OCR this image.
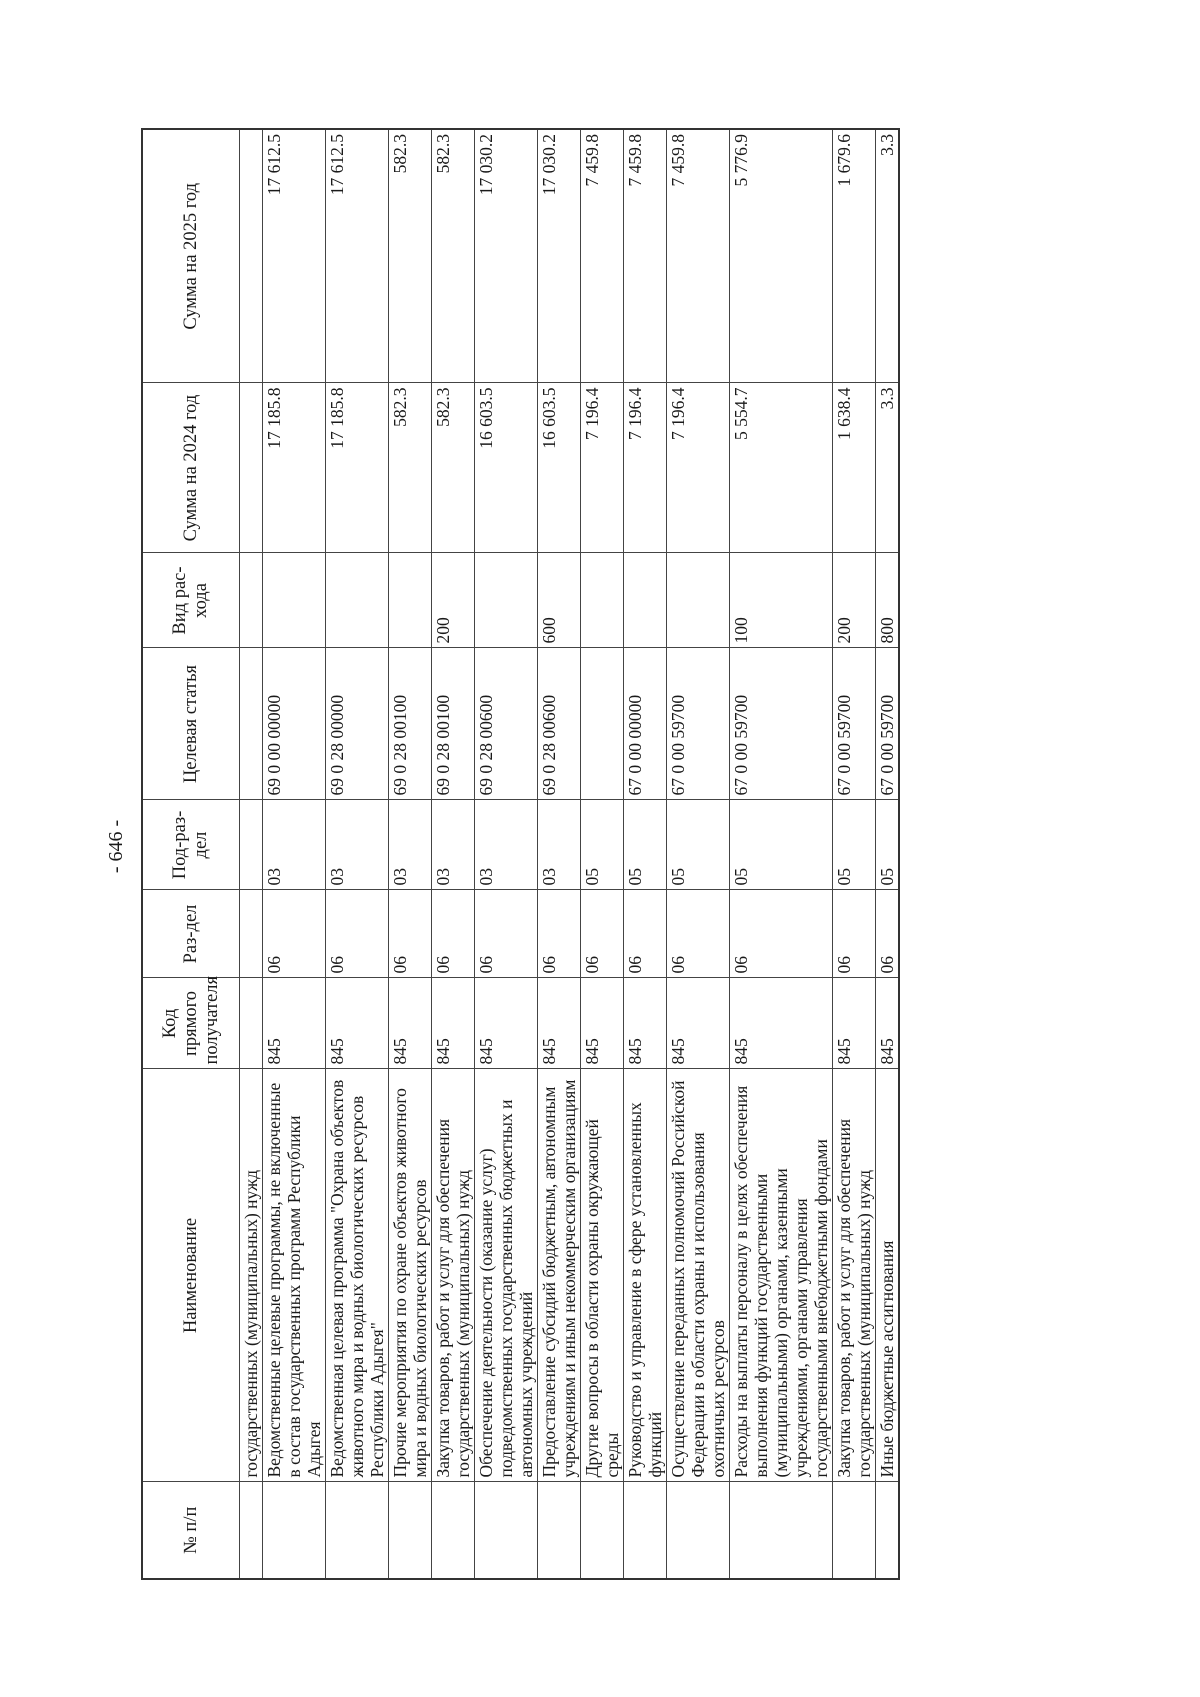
- 646 -
№ п/п	Наименование	Код прямого получателя	Раз-дел	Под-раз-дел	Целевая статья	Вид рас-хода	Сумма на 2024 год	Сумма на 2025 год
	государственных (муниципальных) нужд							
	Ведомственные целевые программы, не включенные в состав государственных программ Республики Адыгея	845	06	03	69 0 00 00000		17 185.8	17 612.5
	Ведомственная целевая программа "Охрана объектов животного мира и водных биологических ресурсов Республики Адыгея"	845	06	03	69 0 28 00000		17 185.8	17 612.5
	Прочие мероприятия по охране объектов животного мира и водных биологических ресурсов	845	06	03	69 0 28 00100		582.3	582.3
	Закупка товаров, работ и услуг для обеспечения государственных (муниципальных) нужд	845	06	03	69 0 28 00100	200	582.3	582.3
	Обеспечение деятельности (оказание услуг) подведомственных государственных бюджетных и автономных учреждений	845	06	03	69 0 28 00600		16 603.5	17 030.2
	Предоставление субсидий бюджетным, автономным учреждениям и иным некоммерческим организациям	845	06	03	69 0 28 00600	600	16 603.5	17 030.2
	Другие вопросы в области охраны окружающей среды	845	06	05			7 196.4	7 459.8
	Руководство и управление в сфере установленных функций	845	06	05	67 0 00 00000		7 196.4	7 459.8
	Осуществление переданных полномочий Российской Федерации в области охраны и использования охотничьих ресурсов	845	06	05	67 0 00 59700		7 196.4	7 459.8
	Расходы на выплаты персоналу в целях обеспечения выполнения функций государственными (муниципальными) органами, казенными учреждениями, органами управления государственными внебюджетными фондами	845	06	05	67 0 00 59700	100	5 554.7	5 776.9
	Закупка товаров, работ и услуг для обеспечения государственных (муниципальных) нужд	845	06	05	67 0 00 59700	200	1 638.4	1 679.6
	Иные бюджетные ассигнования	845	06	05	67 0 00 59700	800	3.3	3.3
